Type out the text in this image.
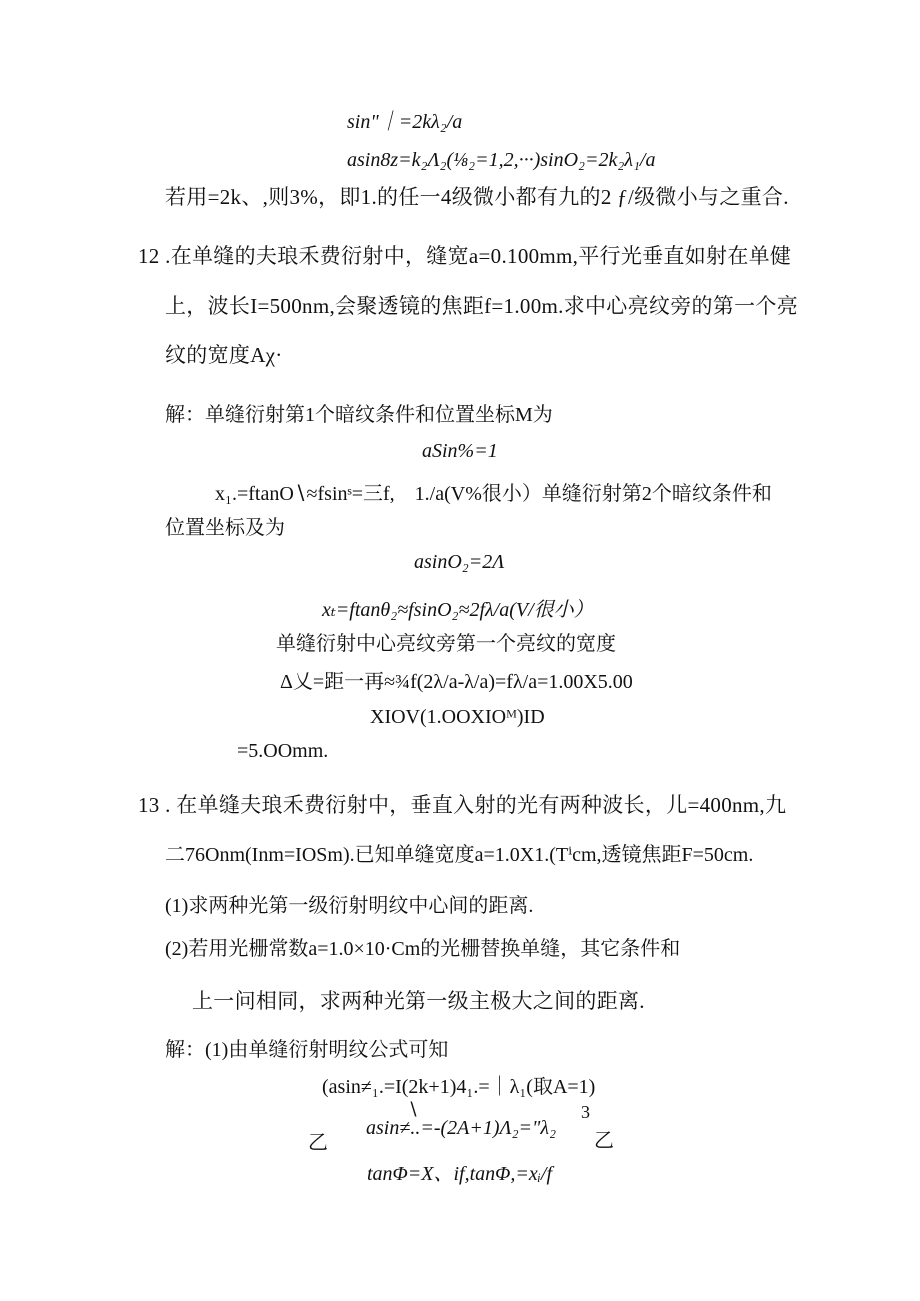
sin"｜=2kλ₂/a
asin8z=k₂Λ₂(⅛₂=1,2,···)sinO₂=2k₂λ₁/a
若用=2k、,则3%，即1.的任一4级微小都有九的2 ƒ/级微小与之重合.
12 .在单缝的夫琅禾费衍射中，缝宽a=0.100mm,平行光垂直如射在单健
上，波长I=500nm,会聚透镜的焦距f=1.00m.求中心亮纹旁的第一个亮
纹的宽度Aχ·
解：单缝衍射第1个暗纹条件和位置坐标M为
aSin%=1
x₁.=ftanO∖≈fsinˢ=三f,　1./a(V%很小）单缝衍射第2个暗纹条件和
位置坐标及为
asinO₂=2Λ
xₜ=ftanθ₂≈fsinO₂≈2fλ/a(V/很小）
单缝衍射中心亮纹旁第一个亮纹的宽度
Δ乂=距一再≈¾f(2λ/a-λ/a)=fλ/a=1.00X5.00
XIOV(1.OOXIOᴹ)ID
=5.OOmm.
13 . 在单缝夫琅禾费衍射中，垂直入射的光有两种波长，儿=400nm,九
二76Onm(Inm=IOSm).已知单缝宽度a=1.0X1.(Tⁱcm,透镜焦距F=50cm.
(1)求两种光第一级衍射明纹中心间的距离.
(2)若用光栅常数a=1.0×10·Cm的光栅替换单缝，其它条件和
上一问相同，求两种光第一级主极大之间的距离.
解：(1)由单缝衍射明纹公式可知
(asin≠₁.=I(2k+1)4₁.=｜λ₁(取A=1)
∖	3
乙
asin≠..=-(2A+1)Λ₂="λ₂
乙
tanΦ=X、if,tanΦ,=xᵢ/f
